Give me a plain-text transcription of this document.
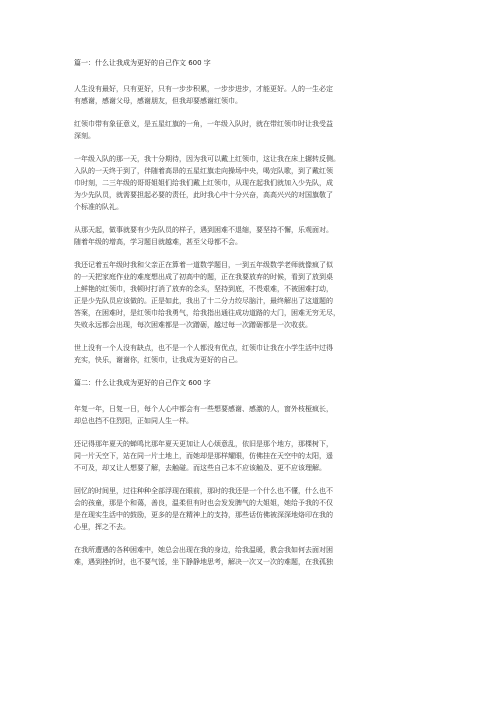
篇一：什么让我成为更好的自己作文 600 字
人生没有最好，只有更好，只有一步步积累，一步步进步，才能更好。人的一生必定
有感谢，感谢父母，感谢朋友，但我却要感谢红领巾。
红领巾带有象征意义，是五星红旗的一角，一年级入队时，就在带红领巾时让我受益
深刻。
一年级入队的那一天，我十分期待，因为我可以戴上红领巾，这让我在床上辗转反侧。
入队的一天终于到了，伴随着高昂的五星红旗走向操场中央，喝完队歌，到了戴红领
巾时刻，二三年级的哥哥姐姐们给我们戴上红领巾，从现在起我们就加入少先队，成
为少先队员，就需要担起必要的责任，此时我心中十分兴奋，高高兴兴的对国旗敬了
个标准的队礼。
从那天起，做事就要有少先队员的样子，遇到困难不退缩，要坚持不懈，乐观面对。
随着年级的增高，学习题目就越难，甚至父母都不会。
我还记着五年级时我和父亲正在算着一道数学题目，一到五年级数学老师就像疯了似
的一天把家庭作业的难度想出成了初高中的题，正在我要放弃的时候，看到了放到桌
上鲜艳的红领巾，我顿时打消了放弃的念头，坚持到底，不畏艰难，不被困难打动，
正是少先队员应该做的。正是如此，我出了十二分力绞尽脑汁，最终解出了这道题的
答案，在困难时，是红领巾给我勇气，给我指出通往成功道路的大门，困难无穷无尽，
失败永远都会出现，每次困难都是一次蹭砺，越过每一次蹭砺都是一次收获。
世上没有一个人没有缺点，也不是一个人都没有优点，红领巾让我在小学生活中过得
充实，快乐，谢谢你，红领巾，让我成为更好的自己。
篇二：什么让我成为更好的自己作文 600 字
年复一年，日复一日，每个人心中都会有一些想要感谢、感激的人，窗外枝桠疯长，
却总也挡不住烈阳，正如同人生一样。
还记得那年夏天的蝉鸣比那年夏天更加让人心烦意乱，依旧是那个地方，那棵树下，
同一片天空下，站在同一片土地上，而她却是那样耀眼，仿佛挂在天空中的太阳，遥
不可及，却又让人想要了解，去触碰。而这些自己本不应该触及、更不应该理解。
回忆的时间里，过往种种全部浮现在眼前，那时的我还是一个什么也不懂，什么也不
会的孩童，那是个和蔼，善良，温柔但有时也会发发脾气的大姐姐，她给予我的不仅
是在现实生活中的鼓励，更多的是在精神上的支持，那些话仿佛被深深地烙印在我的
心里，挥之不去。
在我所遭遇的各种困难中，她总会出现在我的身边，给我温暖，教会我如何去面对困
难，遇到挫折时，也不要气馁，坐下静静地思考，解决一次又一次的难题，在我孤独
